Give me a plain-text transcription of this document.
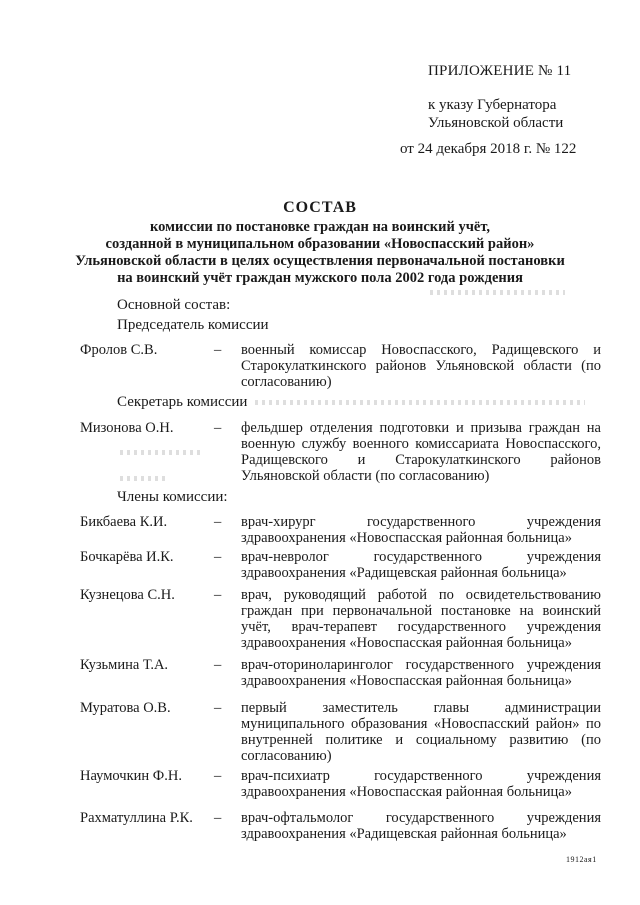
ПРИЛОЖЕНИЕ № 11
к указу Губернатора
Ульяновской области
от 24 декабря 2018 г. № 122
СОСТАВ
комиссии по постановке граждан на воинский учёт,
созданной в муниципальном образовании «Новоспасский район»
Ульяновской области в целях осуществления первоначальной постановки
на воинский учёт граждан мужского пола 2002 года рождения
Основной состав:
Председатель комиссии
Фролов С.В.	– военный комиссар Новоспасского, Радищевского и Старокулаткинского районов Ульяновской области (по согласованию)
Секретарь комиссии
Мизонова О.Н.	– фельдшер отделения подготовки и призыва граждан на военную службу военного комиссариата Новоспасского, Радищевского и Старокулаткинского районов Ульяновской области (по согласованию)
Члены комиссии:
Бикбаева К.И.	– врач-хирург государственного учреждения здравоохранения «Новоспасская районная больница»
Бочкарёва И.К.	– врач-невролог государственного учреждения здравоохранения «Радищевская районная больница»
Кузнецова С.Н.	– врач, руководящий работой по освидетельствованию граждан при первоначальной постановке на воинский учёт, врач-терапевт государственного учреждения здравоохранения «Новоспасская районная больница»
Кузьмина Т.А.	– врач-оториноларинголог государственного учреждения здравоохранения «Новоспасская районная больница»
Муратова О.В.	– первый заместитель главы администрации муниципального образования «Новоспасский район» по внутренней политике и социальному развитию (по согласованию)
Наумочкин Ф.Н. – врач-психиатр государственного учреждения здравоохранения «Новоспасская районная больница»
Рахматуллина Р.К. – врач-офтальмолог государственного учреждения здравоохранения «Радищевская районная больница»
1912ая1
